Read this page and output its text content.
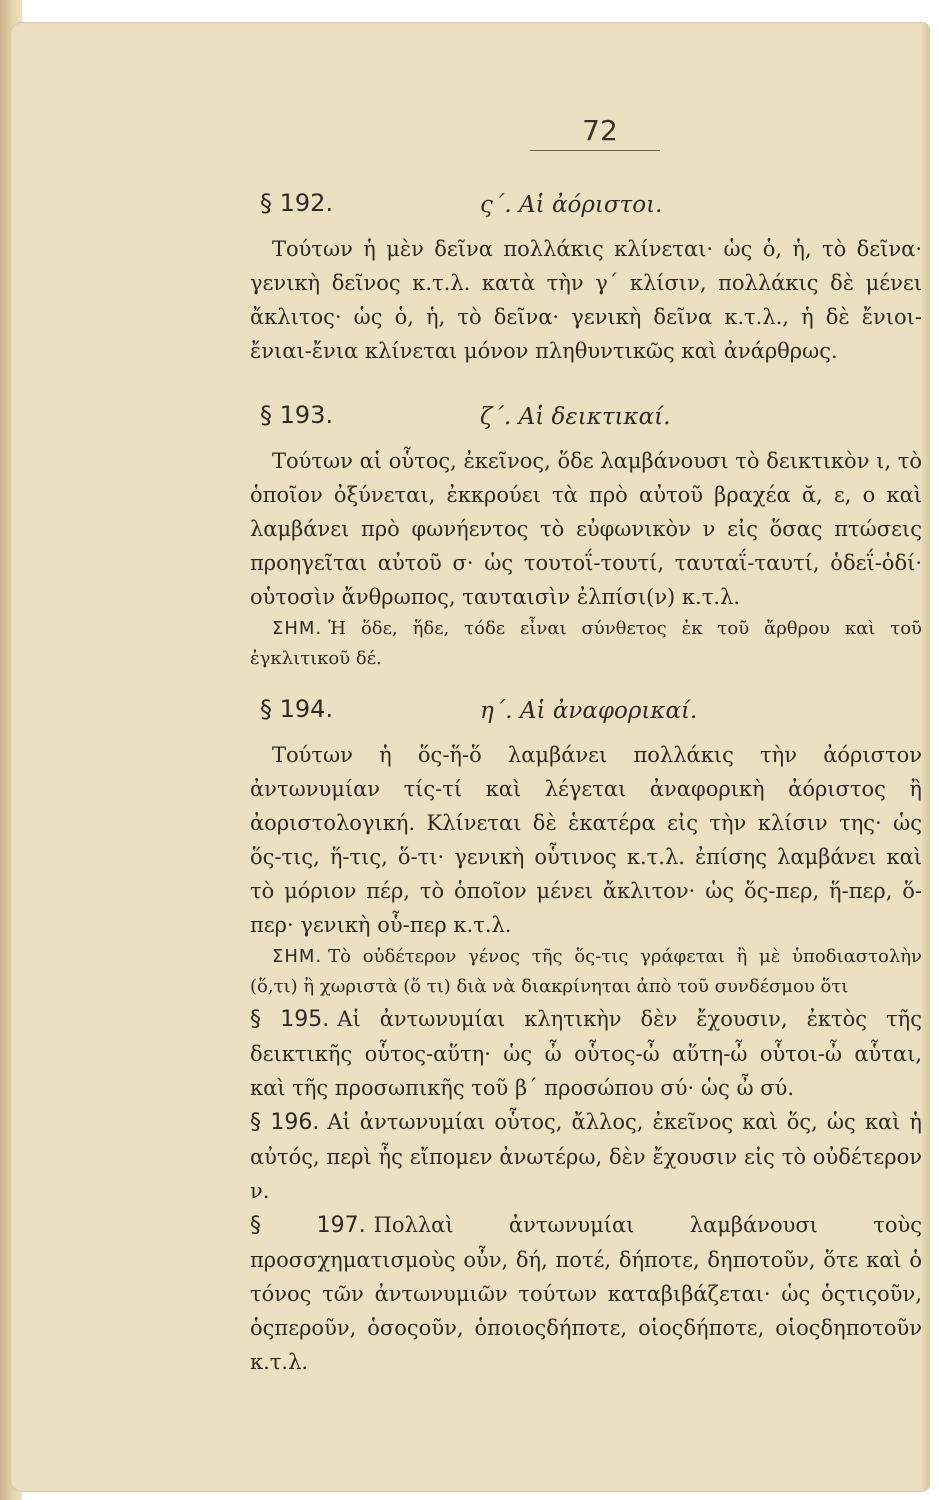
72
§ 192.	ς΄. Αἱ ἀόριστοι.

Τούτων ἡ μὲν δεῖνα πολλάκις κλίνεται· ὡς ὁ, ἡ, τὸ δεῖνα· γενικὴ δεῖνος κ.τ.λ. κατὰ τὴν γ΄ κλίσιν, πολλάκις δὲ μένει ἄκλιτος· ὡς ὁ, ἡ, τὸ δεῖνα· γενικὴ δεῖνα κ.τ.λ., ἡ δὲ ἔνιοι-ἔνιαι-ἔνια κλίνεται μόνον πληθυντικῶς καὶ ἀνάρθρως.

§ 193.	ζ΄. Αἱ δεικτικαί.

Τούτων αἱ οὗτος, ἐκεῖνος, ὅδε λαμβάνουσι τὸ δεικτικὸν ι, τὸ ὁποῖον ὀξύνεται, ἐκκρούει τὰ πρὸ αὐτοῦ βραχέα ᾰ, ε, ο καὶ λαμβάνει πρὸ φωνήεντος τὸ εὐφωνικὸν ν εἰς ὅσας πτώσεις προηγεῖται αὐτοῦ σ· ὡς τουτοΐ-τουτί, ταυταΐ-ταυτί, ὁδεΐ-ὁδί· οὑτοσὶν ἄνθρωπος, ταυταισὶν ἐλπίσι(ν) κ.τ.λ.

ΣΗΜ. Ἡ ὅδε, ἥδε, τόδε εἶναι σύνθετος ἐκ τοῦ ἄρθρου καὶ τοῦ ἐγκλιτικοῦ δέ.

§ 194.	η΄. Αἱ ἀναφορικαί.

Τούτων ἡ ὅς-ἥ-ὅ λαμβάνει πολλάκις τὴν ἀόριστον ἀντωνυμίαν τίς-τί καὶ λέγεται ἀναφορικὴ ἀόριστος ἢ ἀοριστολογική. Κλίνεται δὲ ἑκατέρα εἰς τὴν κλίσιν της· ὡς ὅς-τις, ἥ-τις, ὅ-τι· γενικὴ οὗτινος κ.τ.λ. ἐπίσης λαμβάνει καὶ τὸ μόριον πέρ, τὸ ὁποῖον μένει ἄκλιτον· ὡς ὅς-περ, ἥ-περ, ὅ-περ· γενικὴ οὗ-περ κ.τ.λ.

ΣΗΜ. Τὸ οὐδέτερον γένος τῆς ὅς-τις γράφεται ἢ μὲ ὑποδιαστολὴν (ὅ,τι) ἢ χωριστὰ (ὅ τι) διὰ νὰ διακρίνηται ἀπὸ τοῦ συνδέσμου ὅτι

§ 195. Αἱ ἀντωνυμίαι κλητικὴν δὲν ἔχουσιν, ἐκτὸς τῆς δεικτικῆς οὗτος-αὕτη· ὡς ὦ οὗτος-ὦ αὕτη-ὦ οὗτοι-ὦ αὗται, καὶ τῆς προσωπικῆς τοῦ β΄ προσώπου σύ· ὡς ὦ σύ.

§ 196. Αἱ ἀντωνυμίαι οὗτος, ἄλλος, ἐκεῖνος καὶ ὅς, ὡς καὶ ἡ αὐτός, περὶ ἧς εἴπομεν ἀνωτέρω, δὲν ἔχουσιν εἰς τὸ οὐδέτερον ν.

§ 197. Πολλαὶ ἀντωνυμίαι λαμβάνουσι τοὺς προσσχηματισμοὺς οὖν, δή, ποτέ, δήποτε, δηποτοῦν, ὅτε καὶ ὁ τόνος τῶν ἀντωνυμιῶν τούτων καταβιβάζεται· ὡς ὁςτιςοῦν, ὁςπεροῦν, ὁσοςοῦν, ὁποιοςδήποτε, οἱοςδήποτε, οἱοςδηποτοῦν κ.τ.λ.
